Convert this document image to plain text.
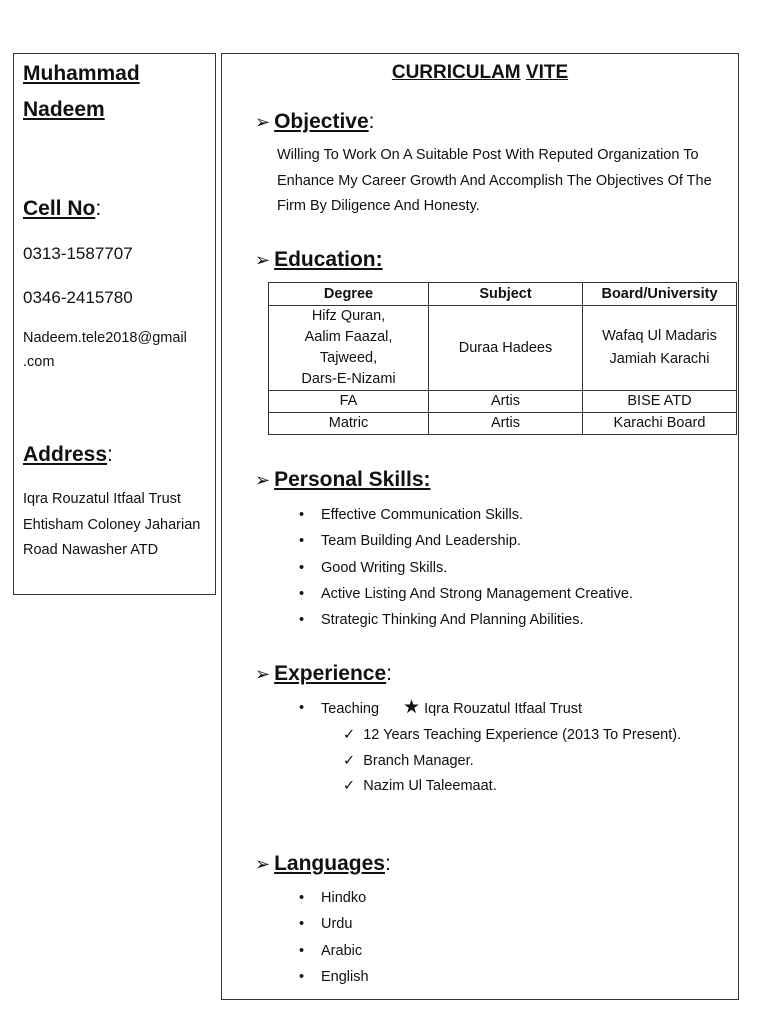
Muhammad
Nadeem
Cell No:
0313-1587707
0346-2415780
Nadeem.tele2018@gmail
.com
Address:
Iqra Rouzatul Itfaal Trust Ehtisham Coloney Jaharian Road Nawasher ATD
CURRICULAM VITE
➢ Objective:
Willing To Work On A Suitable Post With Reputed Organization To Enhance My Career Growth And Accomplish The Objectives Of The Firm By Diligence And Honesty.
➢ Education:
Degree	Subject	Board/University
Hifz Quran,
Aalim Faazal,
Tajweed,
Dars-E-Nizami	Duraa Hadees	Wafaq Ul Madaris
Jamiah Karachi
FA	Artis	BISE ATD
Matric	Artis	Karachi Board
➢ Personal Skills:
• Effective Communication Skills.
• Team Building And Leadership.
• Good Writing Skills.
• Active Listing And Strong Management Creative.
• Strategic Thinking And Planning Abilities.
➢ Experience:
• Teaching ★ Iqra Rouzatul Itfaal Trust
✓ 12 Years Teaching Experience (2013 To Present).
✓ Branch Manager.
✓ Nazim Ul Taleemaat.
➢ Languages:
• Hindko
• Urdu
• Arabic
• English
